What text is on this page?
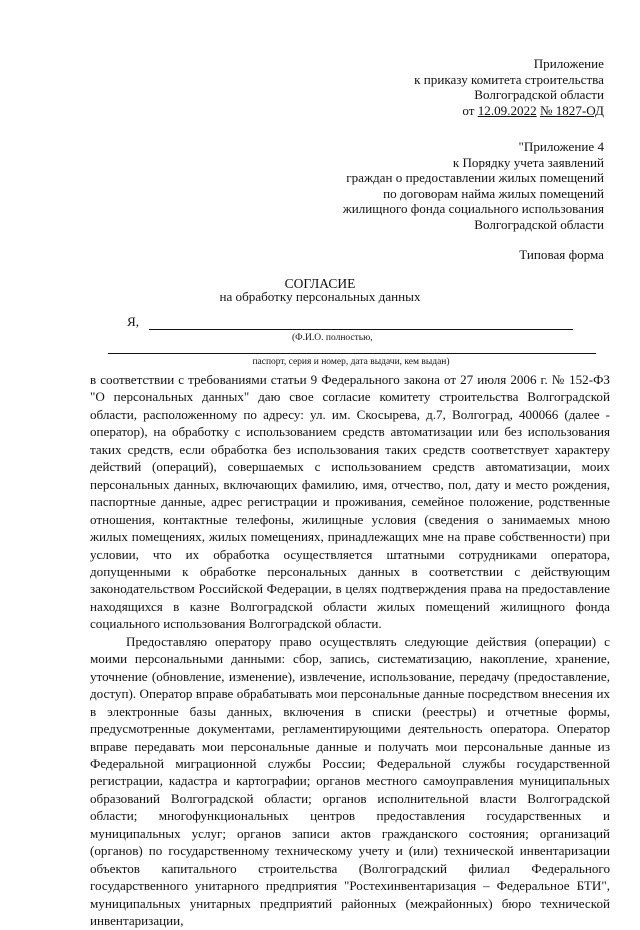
Приложение
к приказу комитета строительства
Волгоградской области
от 12.09.2022 № 1827-ОД
"Приложение 4
к Порядку учета заявлений
граждан о предоставлении жилых помещений
по договорам найма жилых помещений
жилищного фонда социального использования
Волгоградской области
Типовая форма
СОГЛАСИЕ
на обработку персональных данных
Я,
(Ф.И.О. полностью,
паспорт, серия и номер, дата выдачи, кем выдан)

в соответствии с требованиями статьи 9 Федерального закона от 27 июля 2006 г. № 152-ФЗ "О персональных данных" даю свое согласие комитету строительства Волгоградской области, расположенному по адресу: ул. им. Скосырева, д.7, Волгоград, 400066 (далее - оператор), на обработку с использованием средств автоматизации или без использования таких средств, если обработка без использования таких средств соответствует характеру действий (операций), совершаемых с использованием средств автоматизации, моих персональных данных, включающих фамилию, имя, отчество, пол, дату и место рождения, паспортные данные, адрес регистрации и проживания, семейное положение, родственные отношения, контактные телефоны, жилищные условия (сведения о занимаемых мною жилых помещениях, жилых помещениях, принадлежащих мне на праве собственности) при условии, что их обработка осуществляется штатными сотрудниками оператора, допущенными к обработке персональных данных в соответствии с действующим законодательством Российской Федерации, в целях подтверждения права на предоставление находящихся в казне Волгоградской области жилых помещений жилищного фонда социального использования Волгоградской области.

Предоставляю оператору право осуществлять следующие действия (операции) с моими персональными данными: сбор, запись, систематизацию, накопление, хранение, уточнение (обновление, изменение), извлечение, использование, передачу (предоставление, доступ). Оператор вправе обрабатывать мои персональные данные посредством внесения их в электронные базы данных, включения в списки (реестры) и отчетные формы, предусмотренные документами, регламентирующими деятельность оператора. Оператор вправе передавать мои персональные данные и получать мои персональные данные из Федеральной миграционной службы России; Федеральной службы государственной регистрации, кадастра и картографии; органов местного самоуправления муниципальных образований Волгоградской области; органов исполнительной власти Волгоградской области; многофункциональных центров предоставления государственных и муниципальных услуг; органов записи актов гражданского состояния; организаций (органов) по государственному техническому учету и (или) технической инвентаризации объектов капитального строительства (Волгоградский филиал Федерального государственного унитарного предприятия "Ростехинвентаризация – Федеральное БТИ", муниципальных унитарных предприятий районных (межрайонных) бюро технической инвентаризации,
